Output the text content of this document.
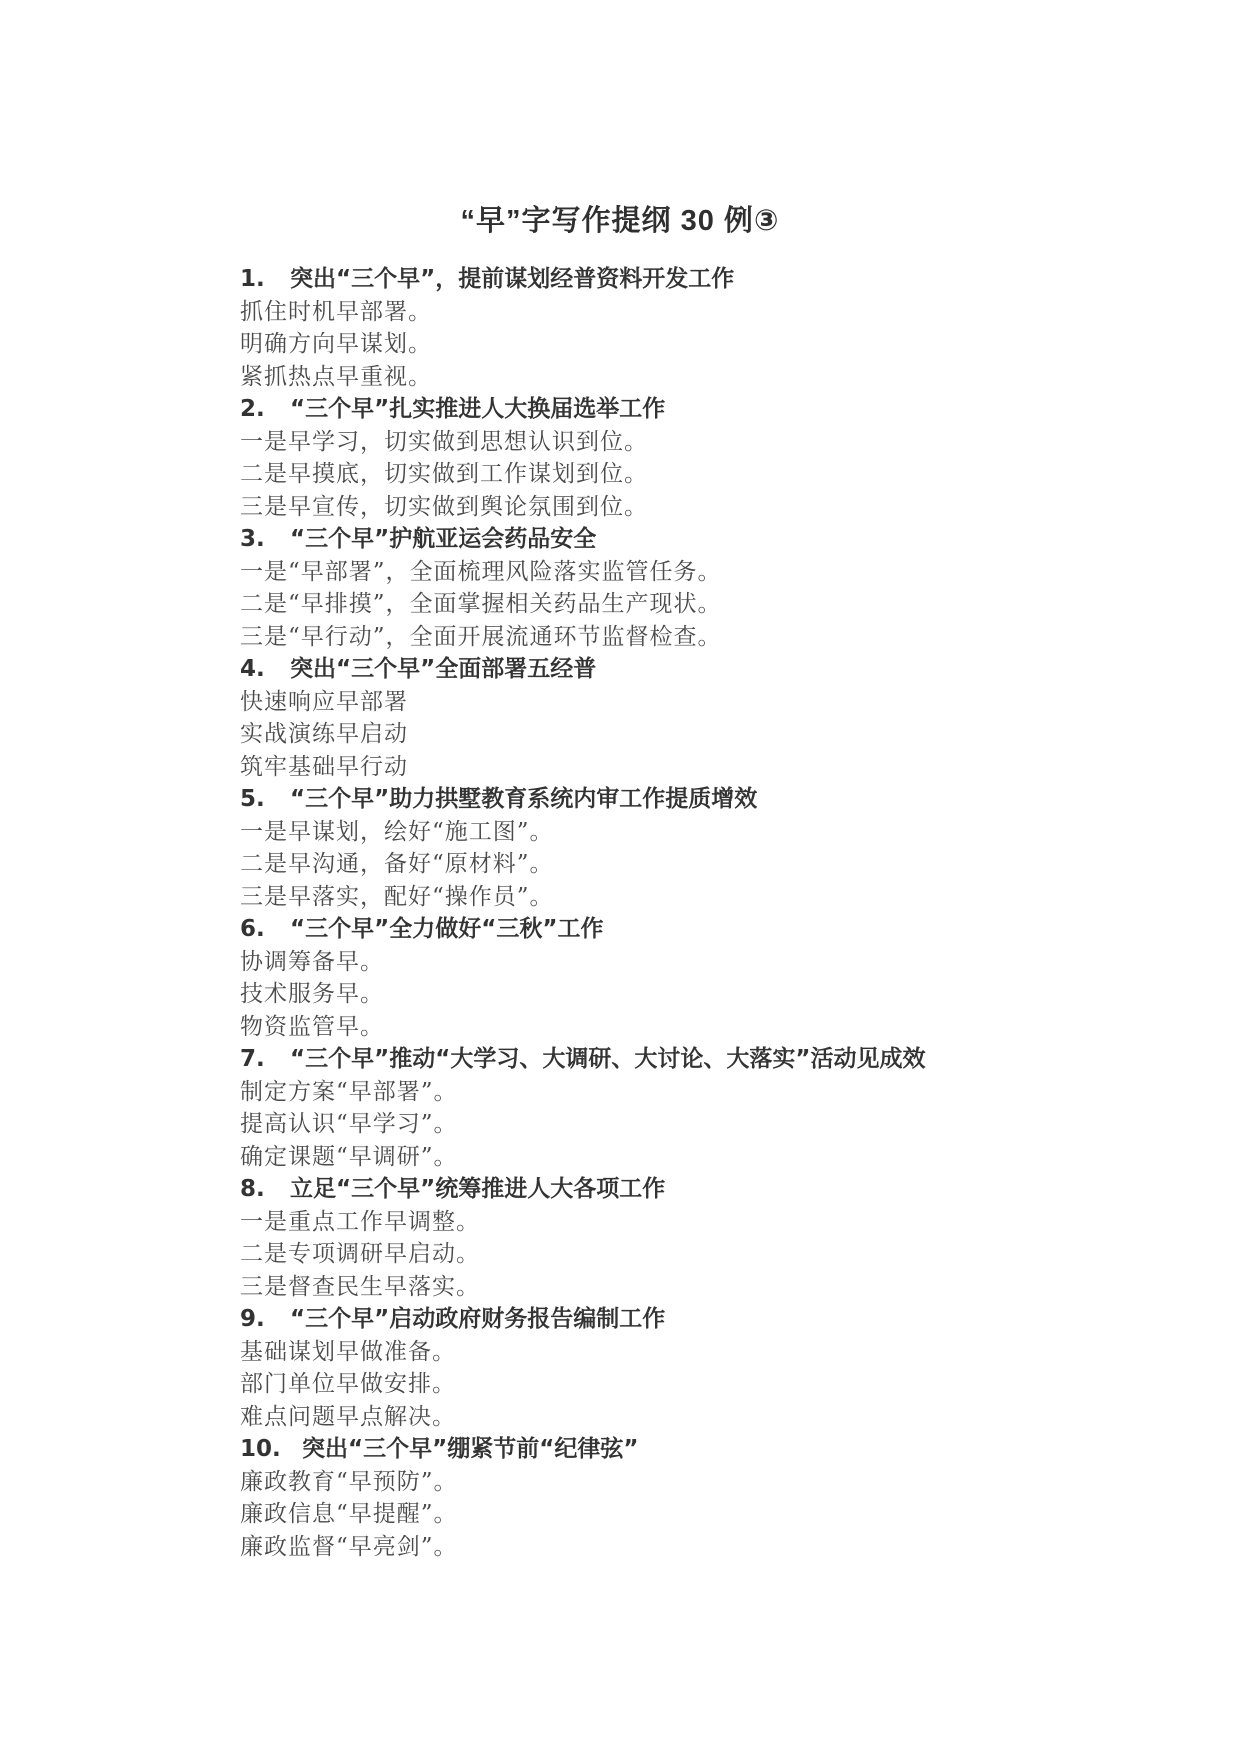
“早”字写作提纲 30 例③
1. 突出“三个早”，提前谋划经普资料开发工作
抓住时机早部署。
明确方向早谋划。
紧抓热点早重视。
2. “三个早”扎实推进人大换届选举工作
一是早学习，切实做到思想认识到位。
二是早摸底，切实做到工作谋划到位。
三是早宣传，切实做到舆论氛围到位。
3. “三个早”护航亚运会药品安全
一是“早部署”，全面梳理风险落实监管任务。
二是“早排摸”，全面掌握相关药品生产现状。
三是“早行动”，全面开展流通环节监督检查。
4. 突出“三个早”全面部署五经普
快速响应早部署
实战演练早启动
筑牢基础早行动
5. “三个早”助力拱墅教育系统内审工作提质增效
一是早谋划，绘好“施工图”。
二是早沟通，备好“原材料”。
三是早落实，配好“操作员”。
6. “三个早”全力做好“三秋”工作
协调筹备早。
技术服务早。
物资监管早。
7. “三个早”推动“大学习、大调研、大讨论、大落实”活动见成效
制定方案“早部署”。
提高认识“早学习”。
确定课题“早调研”。
8. 立足“三个早”统筹推进人大各项工作
一是重点工作早调整。
二是专项调研早启动。
三是督查民生早落实。
9. “三个早”启动政府财务报告编制工作
基础谋划早做准备。
部门单位早做安排。
难点问题早点解决。
10. 突出“三个早”绷紧节前“纪律弦”
廉政教育“早预防”。
廉政信息“早提醒”。
廉政监督“早亮剑”。
